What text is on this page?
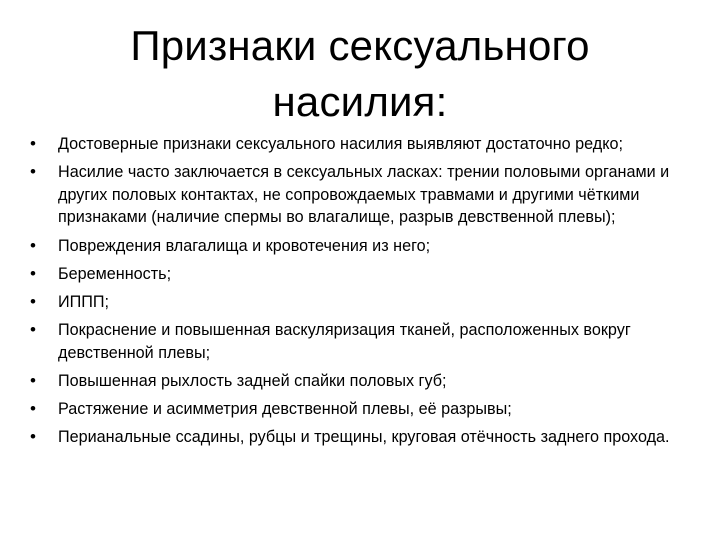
Признаки сексуального
насилия:
• Достоверные признаки сексуального насилия выявляют достаточно редко;
• Насилие часто заключается в сексуальных ласках: трении половыми органами и других половых контактах, не сопровождаемых травмами и другими чёткими признаками (наличие спермы во влагалище, разрыв девственной плевы);
• Повреждения влагалища и кровотечения из него;
• Беременность;
• ИППП;
• Покраснение и повышенная васкуляризация тканей, расположенных вокруг девственной плевы;
• Повышенная рыхлость задней спайки половых губ;
• Растяжение и асимметрия девственной плевы, её разрывы;
• Перианальные ссадины, рубцы и трещины, круговая отёчность заднего прохода.
